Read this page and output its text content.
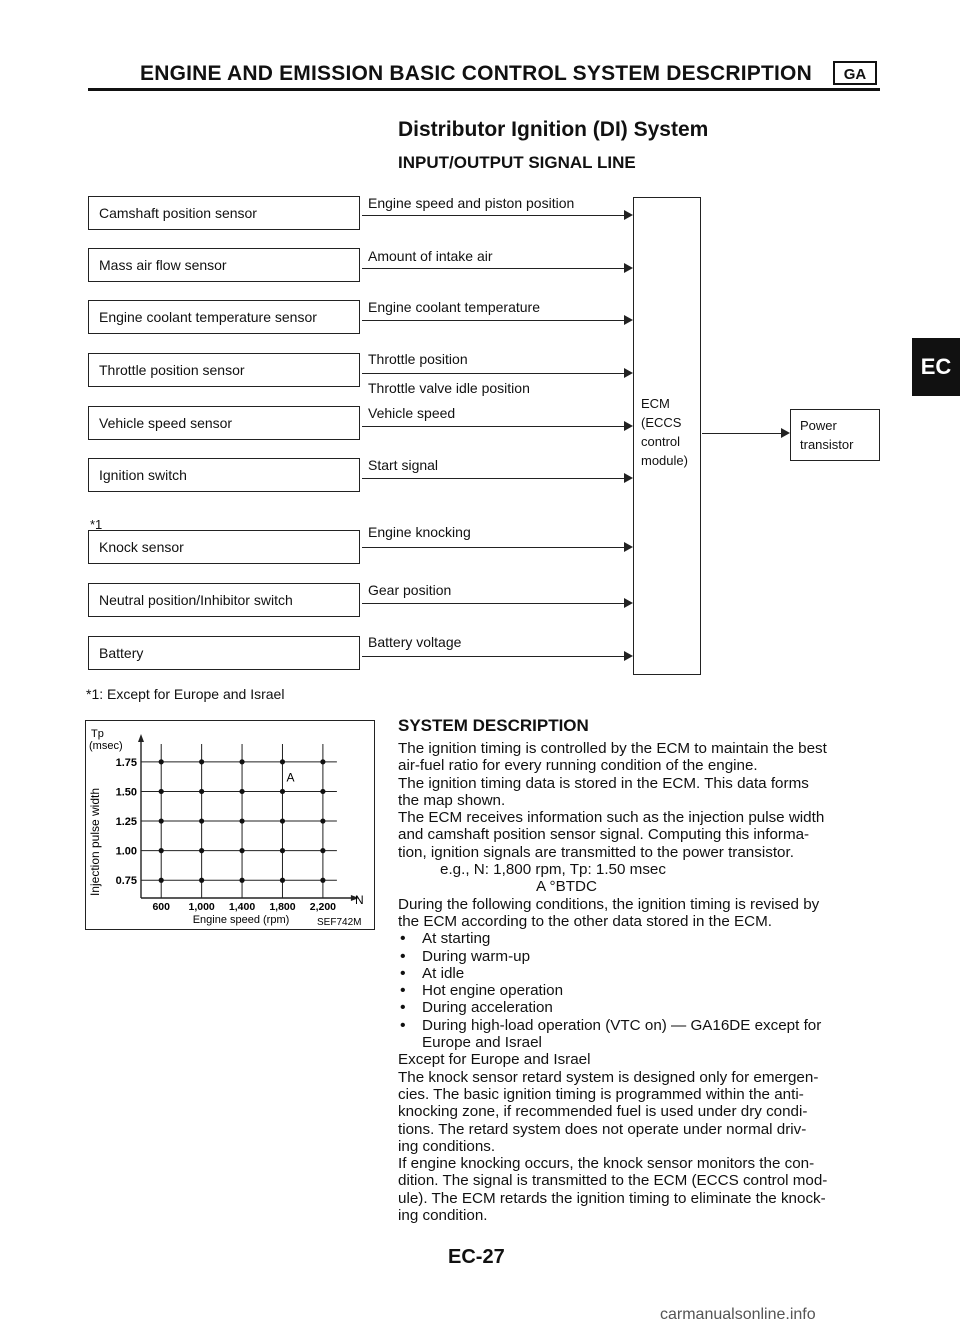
ENGINE AND EMISSION BASIC CONTROL SYSTEM DESCRIPTION	GA
Distributor Ignition (DI) System
INPUT/OUTPUT SIGNAL LINE
EC
Camshaft position sensor
Engine speed and piston position
Mass air flow sensor
Amount of intake air
Engine coolant temperature sensor
Engine coolant temperature
Throttle position sensor
Throttle position
Throttle valve idle position
Vehicle speed sensor
Vehicle speed
Ignition switch
Start signal
*1
Knock sensor
Engine knocking
Neutral position/Inhibitor switch
Gear position
Battery
Battery voltage
ECM
(ECCS
control
module)
Power
transistor
*1: Except for Europe and Israel
1.75
1.50
1.25
1.00
0.75
600 1,000 1,400 1,800 2,200
Tp
(msec)
Injection pulse width
Engine speed (rpm)
N
SEF742M
A
SYSTEM DESCRIPTION

The ignition timing is controlled by the ECM to maintain the best

air-fuel ratio for every running condition of the engine.

The ignition timing data is stored in the ECM. This data forms

the map shown.

The ECM receives information such as the injection pulse width

and camshaft position sensor signal. Computing this informa-

tion, ignition signals are transmitted to the power transistor.

e.g., N: 1,800 rpm, Tp: 1.50 msec

A °BTDC

During the following conditions, the ignition timing is revised by

the ECM according to the other data stored in the ECM.

• At starting

• During warm-up

• At idle

• Hot engine operation

• During acceleration

• During high-load operation (VTC on) — GA16DE except for

Europe and Israel

Except for Europe and Israel

The knock sensor retard system is designed only for emergen-

cies. The basic ignition timing is programmed within the anti-

knocking zone, if recommended fuel is used under dry condi-

tions. The retard system does not operate under normal driv-

ing conditions.

If engine knocking occurs, the knock sensor monitors the con-

dition. The signal is transmitted to the ECM (ECCS control mod-

ule). The ECM retards the ignition timing to eliminate the knock-

ing condition.

EC-27
carmanualsonline.info
